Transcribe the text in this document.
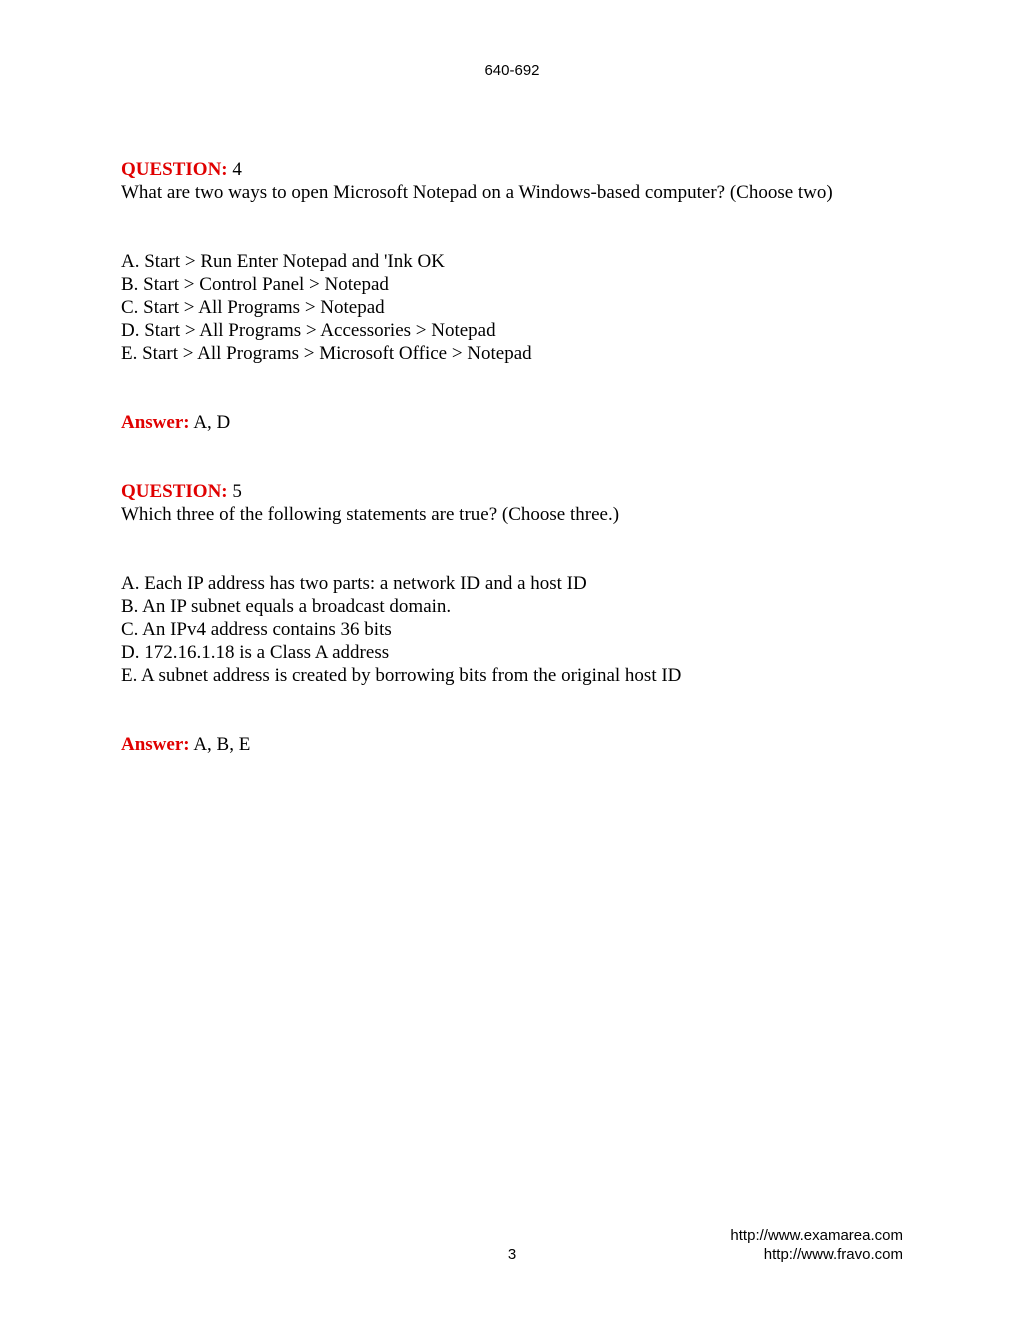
640-692
QUESTION: 4
What are two ways to open Microsoft Notepad on a Windows-based computer? (Choose two)
A. Start > Run Enter Notepad and 'Ink OK
B. Start > Control Panel > Notepad
C. Start > All Programs > Notepad
D. Start > All Programs > Accessories > Notepad
E. Start > All Programs > Microsoft Office > Notepad
Answer: A, D
QUESTION: 5
Which three of the following statements are true? (Choose three.)
A. Each IP address has two parts: a network ID and a host ID
B. An IP subnet equals a broadcast domain.
C. An IPv4 address contains 36 bits
D. 172.16.1.18 is a Class A address
E. A subnet address is created by borrowing bits from the original host ID
Answer: A, B, E
3
http://www.examarea.com
http://www.fravo.com
